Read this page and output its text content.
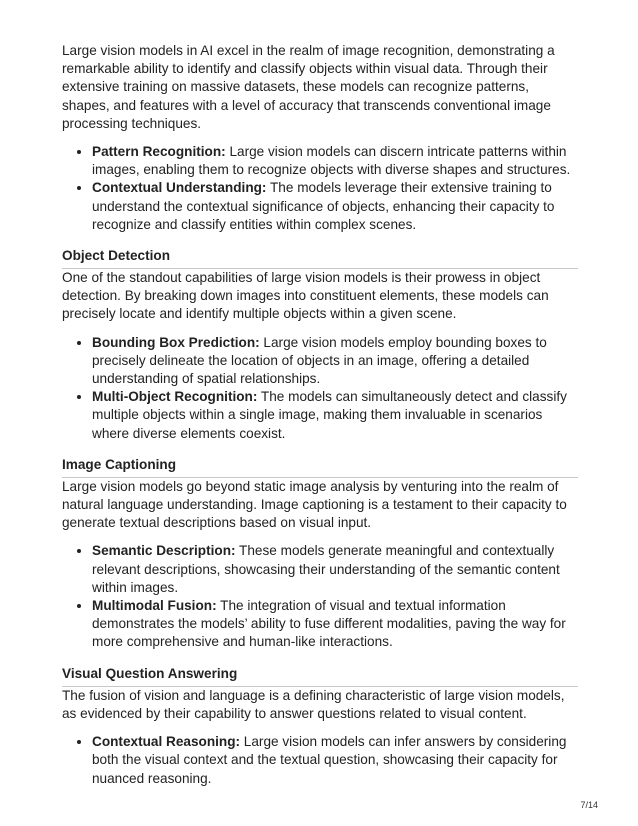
Large vision models in AI excel in the realm of image recognition, demonstrating a remarkable ability to identify and classify objects within visual data. Through their extensive training on massive datasets, these models can recognize patterns, shapes, and features with a level of accuracy that transcends conventional image processing techniques.

• Pattern Recognition: Large vision models can discern intricate patterns within images, enabling them to recognize objects with diverse shapes and structures.
• Contextual Understanding: The models leverage their extensive training to understand the contextual significance of objects, enhancing their capacity to recognize and classify entities within complex scenes.
Object Detection

One of the standout capabilities of large vision models is their prowess in object detection. By breaking down images into constituent elements, these models can precisely locate and identify multiple objects within a given scene.

• Bounding Box Prediction: Large vision models employ bounding boxes to precisely delineate the location of objects in an image, offering a detailed understanding of spatial relationships.
• Multi-Object Recognition: The models can simultaneously detect and classify multiple objects within a single image, making them invaluable in scenarios where diverse elements coexist.
Image Captioning

Large vision models go beyond static image analysis by venturing into the realm of natural language understanding. Image captioning is a testament to their capacity to generate textual descriptions based on visual input.

• Semantic Description: These models generate meaningful and contextually relevant descriptions, showcasing their understanding of the semantic content within images.
• Multimodal Fusion: The integration of visual and textual information demonstrates the models’ ability to fuse different modalities, paving the way for more comprehensive and human-like interactions.
Visual Question Answering

The fusion of vision and language is a defining characteristic of large vision models, as evidenced by their capability to answer questions related to visual content.

• Contextual Reasoning: Large vision models can infer answers by considering both the visual context and the textual question, showcasing their capacity for nuanced reasoning.
7/14
